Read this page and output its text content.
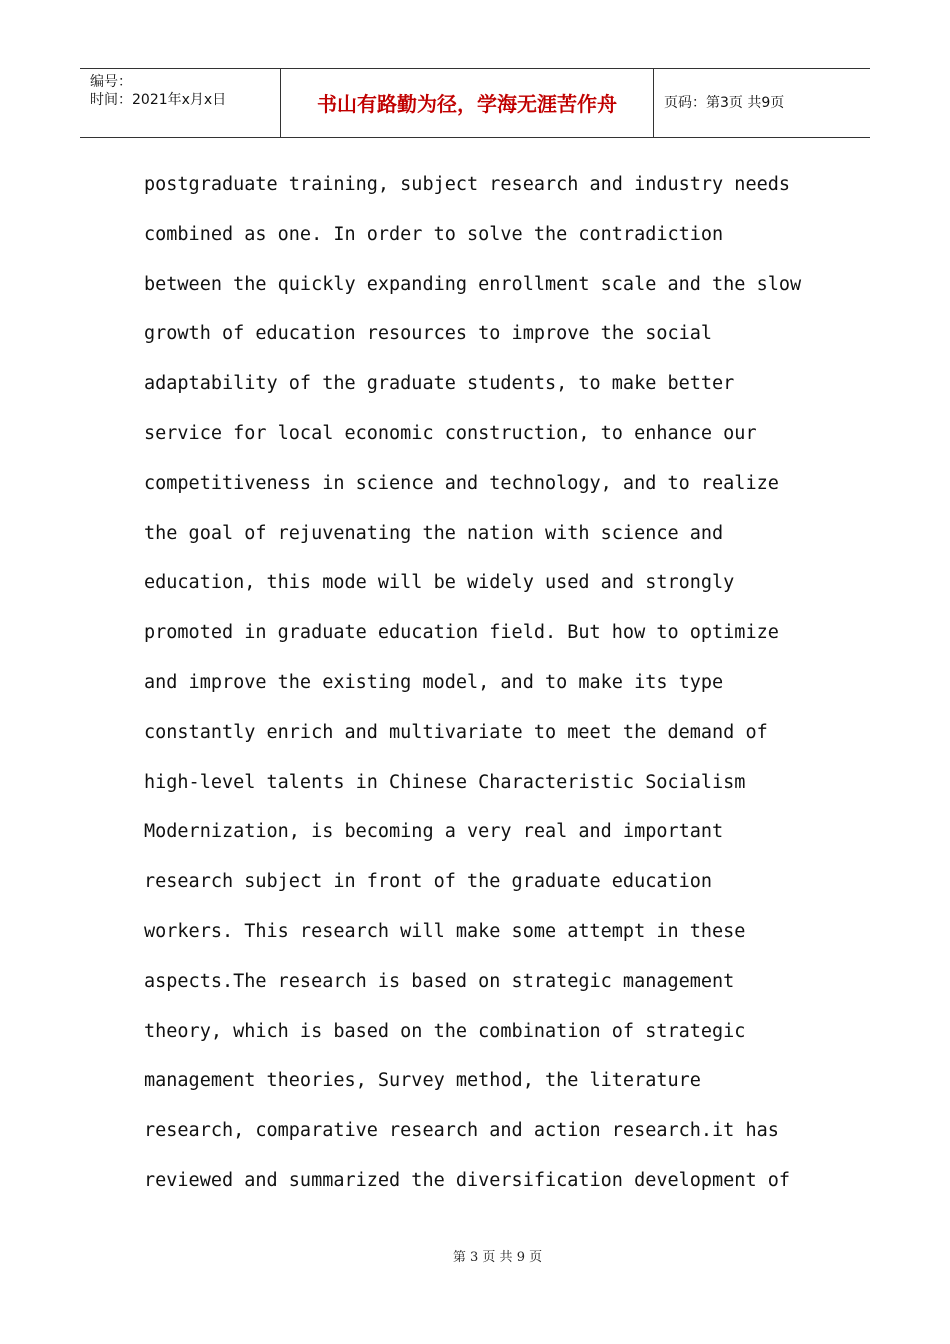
编号：
时间：2021年x月x日	书山有路勤为径，学海无涯苦作舟	页码：第3页 共9页
postgraduate training, subject research and industry needs
combined as one. In order to solve the contradiction
between the quickly expanding enrollment scale and the slow
growth of education resources to improve the social
adaptability of the graduate students, to make better
service for local economic construction, to enhance our
competitiveness in science and technology, and to realize
the goal of rejuvenating the nation with science and
education, this mode will be widely used and strongly
promoted in graduate education field. But how to optimize
and improve the existing model, and to make its type
constantly enrich and multivariate to meet the demand of
high-level talents in Chinese Characteristic Socialism
Modernization, is becoming a very real and important
research subject in front of the graduate education
workers. This research will make some attempt in these
aspects.The research is based on strategic management
theory, which is based on the combination of strategic
management theories, Survey method, the literature
research, comparative research and action research.it has
reviewed and summarized the diversification development of
第 3 页 共 9 页
